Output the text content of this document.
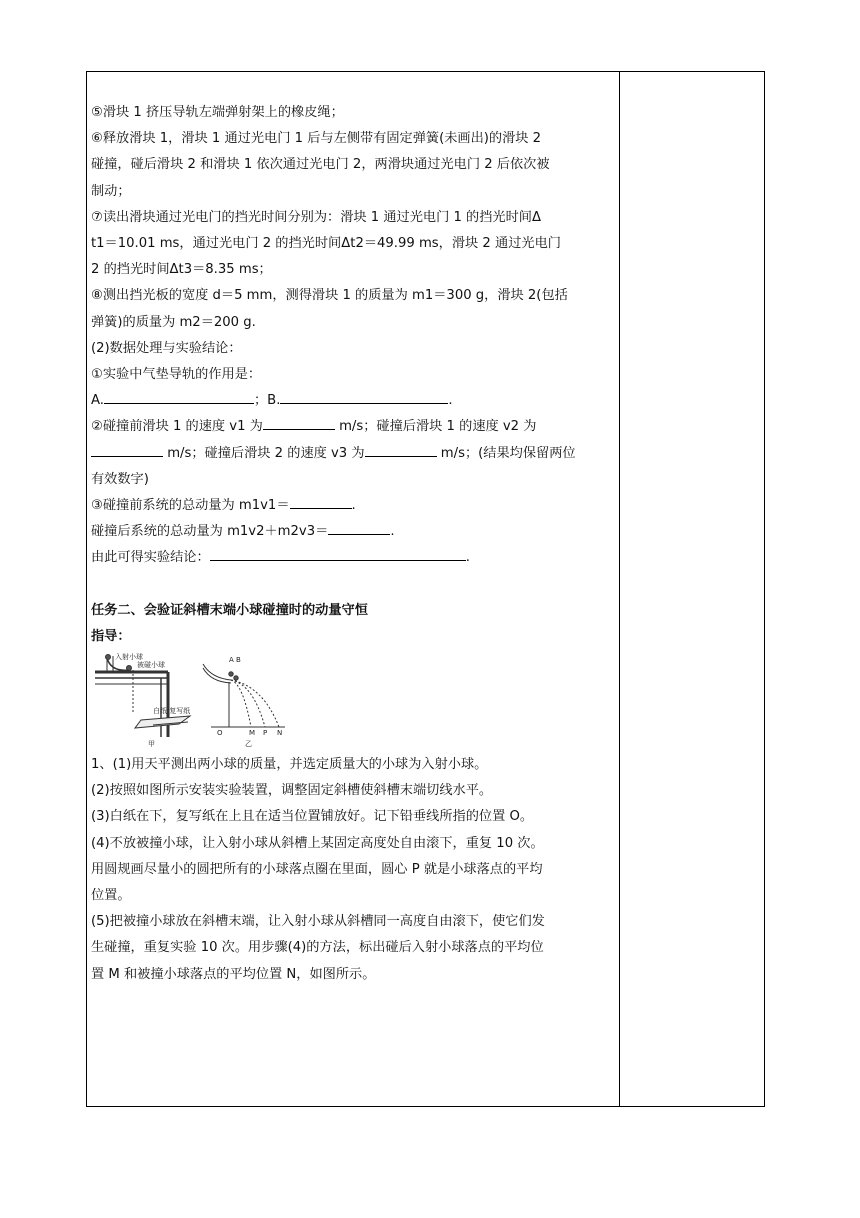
⑤滑块 1 挤压导轨左端弹射架上的橡皮绳；

⑥释放滑块 1，滑块 1 通过光电门 1 后与左侧带有固定弹簧(未画出)的滑块 2

碰撞，碰后滑块 2 和滑块 1 依次通过光电门 2，两滑块通过光电门 2 后依次被

制动；

⑦读出滑块通过光电门的挡光时间分别为：滑块 1 通过光电门 1 的挡光时间Δ

t1＝10.01 ms，通过光电门 2 的挡光时间Δt2＝49.99 ms，滑块 2 通过光电门

2 的挡光时间Δt3＝8.35 ms；

⑧测出挡光板的宽度 d＝5 mm，测得滑块 1 的质量为 m1＝300 g，滑块 2(包括

弹簧)的质量为 m2＝200 g.

(2)数据处理与实验结论：

①实验中气垫导轨的作用是：

A.	；B.	.

②碰撞前滑块 1 的速度 v1 为	m/s；碰撞后滑块 1 的速度 v2 为

m/s；碰撞后滑块 2 的速度 v3 为	m/s；(结果均保留两位

有效数字)

③碰撞前系统的总动量为 m1v1＝	.

碰撞后系统的总动量为 m1v2＋m2v3＝	.

由此可得实验结论：	.

任务二、会验证斜槽末端小球碰撞时的动量守恒

指导：

入射小球
被碰小球
白纸 复写纸
甲
A B
O	M P N
乙

1、(1)用天平测出两小球的质量，并选定质量大的小球为入射小球。

(2)按照如图所示安装实验装置，调整固定斜槽使斜槽末端切线水平。

(3)白纸在下，复写纸在上且在适当位置铺放好。记下铅垂线所指的位置 O。

(4)不放被撞小球，让入射小球从斜槽上某固定高度处自由滚下，重复 10 次。

用圆规画尽量小的圆把所有的小球落点圈在里面，圆心 P 就是小球落点的平均

位置。

(5)把被撞小球放在斜槽末端，让入射小球从斜槽同一高度自由滚下，使它们发

生碰撞，重复实验 10 次。用步骤(4)的方法，标出碰后入射小球落点的平均位

置 M 和被撞小球落点的平均位置 N，如图所示。
